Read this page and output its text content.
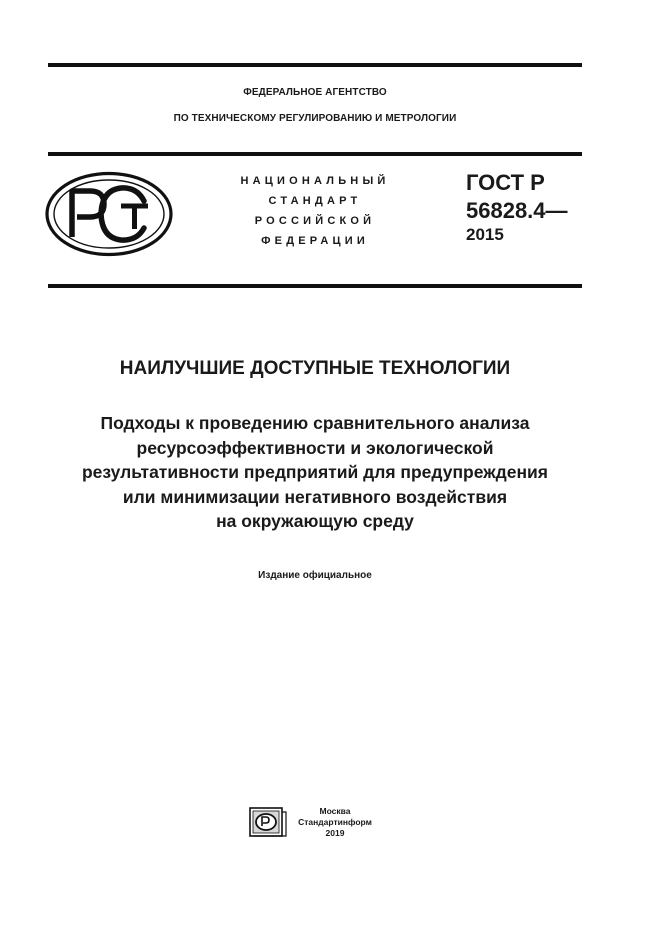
ФЕДЕРАЛЬНОЕ АГЕНТСТВО
ПО ТЕХНИЧЕСКОМУ РЕГУЛИРОВАНИЮ И МЕТРОЛОГИИ
НАЦИОНАЛЬНЫЙ
СТАНДАРТ
РОССИЙСКОЙ
ФЕДЕРАЦИИ
ГОСТ Р
56828.4—
2015
НАИЛУЧШИЕ ДОСТУПНЫЕ ТЕХНОЛОГИИ
Подходы к проведению сравнительного анализа
ресурсоэффективности и экологической
результативности предприятий для предупреждения
или минимизации негативного воздействия
на окружающую среду
Издание официальное
Москва
Стандартинформ
2019
